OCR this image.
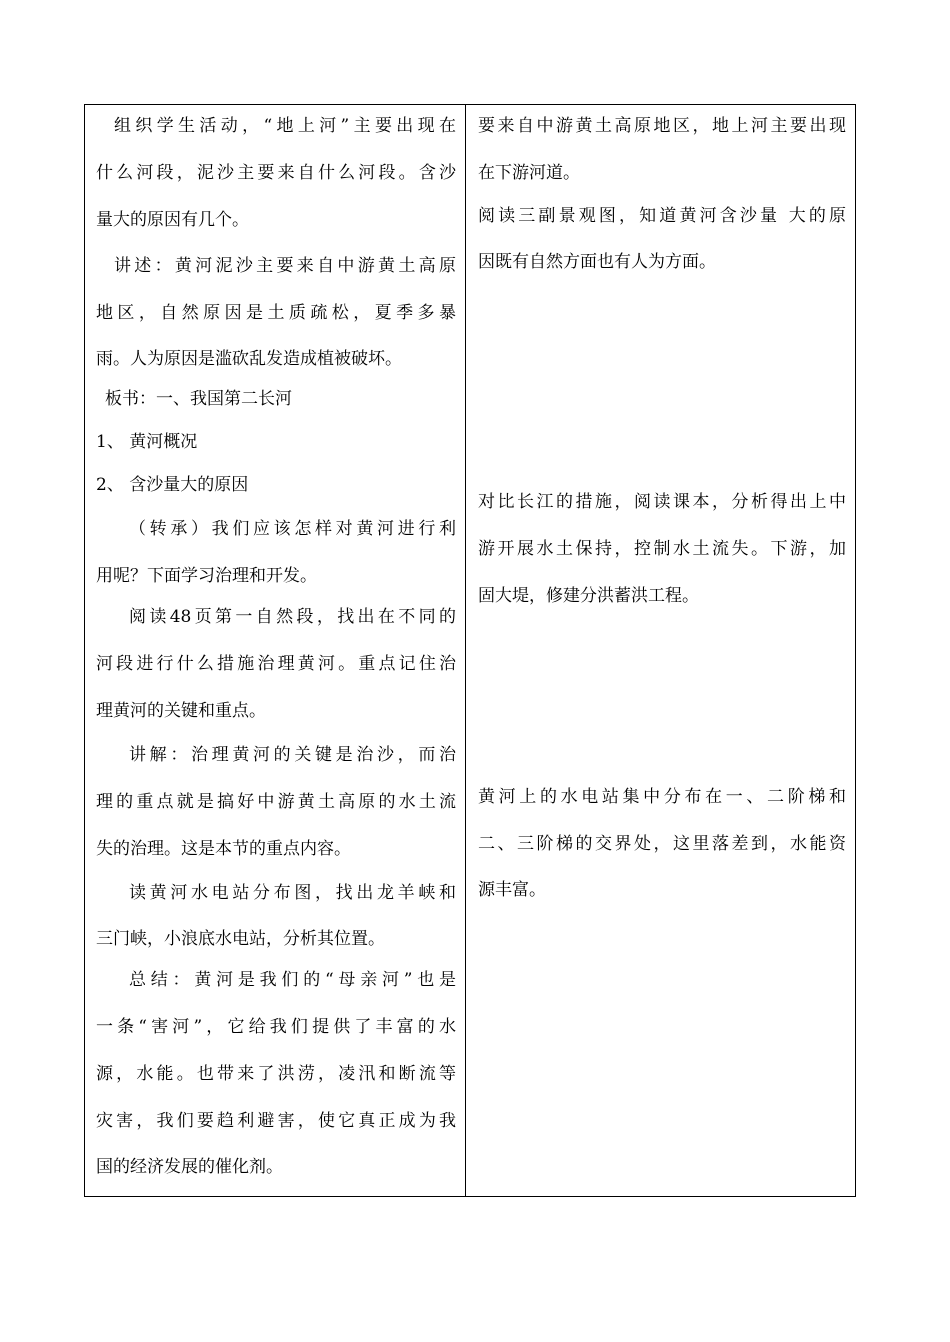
组织学生活动，“地上河”主要出现在

什么河段，泥沙主要来自什么河段。含沙

量大的原因有几个。

讲述：黄河泥沙主要来自中游黄土高原

地区，自然原因是土质疏松，夏季多暴

雨。人为原因是滥砍乱发造成植被破坏。

板书：一、我国第二长河

1、 黄河概况

2、 含沙量大的原因

（转承）我们应该怎样对黄河进行利

用呢？下面学习治理和开发。

阅读48页第一自然段，找出在不同的

河段进行什么措施治理黄河。重点记住治

理黄河的关键和重点。

讲解：治理黄河的关键是治沙，而治

理的重点就是搞好中游黄土高原的水土流

失的治理。这是本节的重点内容。

读黄河水电站分布图，找出龙羊峡和

三门峡，小浪底水电站，分析其位置。

总结：黄河是我们的“母亲河”也是

一条“害河”，它给我们提供了丰富的水

源，水能。也带来了洪涝，凌汛和断流等

灾害，我们要趋利避害，使它真正成为我

国的经济发展的催化剂。

要来自中游黄土高原地区，地上河主要出现

在下游河道。

阅读三副景观图，知道黄河含沙量 大的原

因既有自然方面也有人为方面。

对比长江的措施，阅读课本，分析得出上中

游开展水土保持，控制水土流失。下游，加

固大堤，修建分洪蓄洪工程。

黄河上的水电站集中分布在一、二阶梯和

二、三阶梯的交界处，这里落差到，水能资

源丰富。
